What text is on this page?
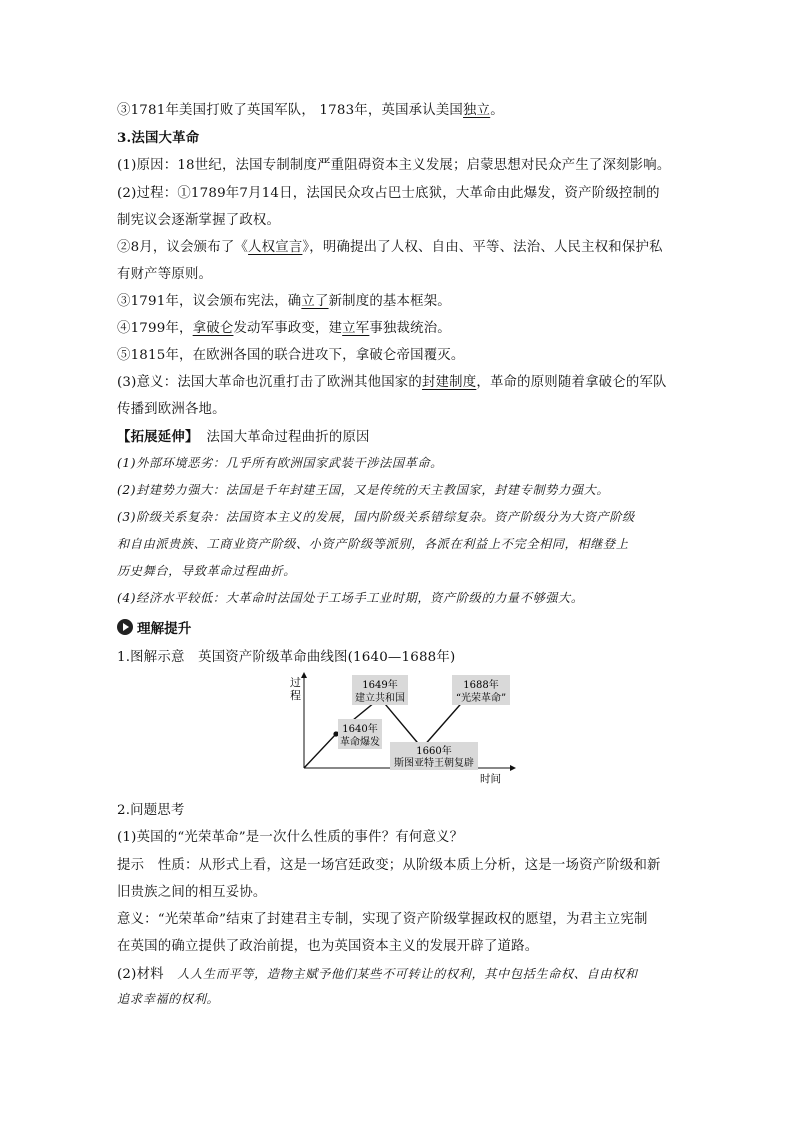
③1781年美国打败了英国军队， 1783年，英国承认美国独立。
3.法国大革命
(1)原因：18世纪，法国专制制度严重阻碍资本主义发展；启蒙思想对民众产生了深刻影响。
(2)过程：①1789年7月14日，法国民众攻占巴士底狱，大革命由此爆发，资产阶级控制的
制宪议会逐渐掌握了政权。
②8月，议会颁布了《人权宣言》，明确提出了人权、自由、平等、法治、人民主权和保护私
有财产等原则。
③1791年，议会颁布宪法，确立了新制度的基本框架。
④1799年，拿破仑发动军事政变，建立军事独裁统治。
⑤1815年，在欧洲各国的联合进攻下，拿破仑帝国覆灭。
(3)意义：法国大革命也沉重打击了欧洲其他国家的封建制度，革命的原则随着拿破仑的军队
传播到欧洲各地。
【拓展延伸】 法国大革命过程曲折的原因
(1)外部环境恶劣：几乎所有欧洲国家武装干涉法国革命。
(2)封建势力强大：法国是千年封建王国，又是传统的天主教国家，封建专制势力强大。
(3)阶级关系复杂：法国资本主义的发展，国内阶级关系错综复杂。资产阶级分为大资产阶级
和自由派贵族、工商业资产阶级、小资产阶级等派别，各派在利益上不完全相同，相继登上
历史舞台，导致革命过程曲折。
(4)经济水平较低：大革命时法国处于工场手工业时期，资产阶级的力量不够强大。
理解提升
1.图解示意　英国资产阶级革命曲线图(1640—1688年)
过
程
时间
1640年
革命爆发
1649年
建立共和国
1660年
斯图亚特王朝复辟
1688年
“光荣革命”
2.问题思考
(1)英国的“光荣革命”是一次什么性质的事件？有何意义？
提示　性质：从形式上看，这是一场宫廷政变；从阶级本质上分析，这是一场资产阶级和新
旧贵族之间的相互妥协。
意义：“光荣革命”结束了封建君主专制，实现了资产阶级掌握政权的愿望，为君主立宪制
在英国的确立提供了政治前提，也为英国资本主义的发展开辟了道路。
(2)材料　人人生而平等，造物主赋予他们某些不可转让的权利，其中包括生命权、自由权和
追求幸福的权利。
